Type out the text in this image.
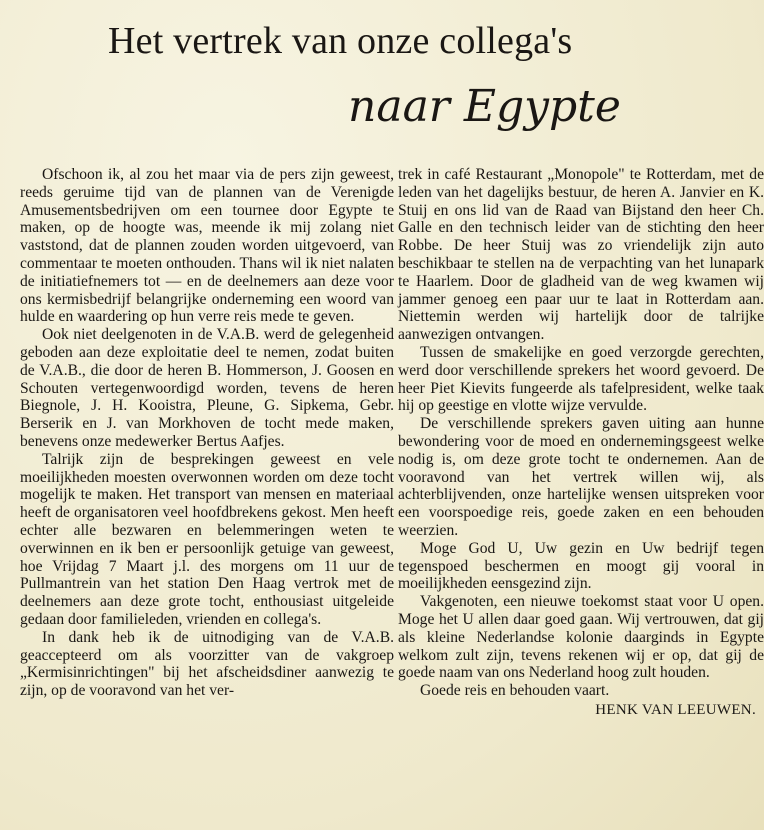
Het vertrek van onze collega's
naar Egypte

Ofschoon ik, al zou het maar via de pers zijn geweest, reeds geruime tijd van de plannen van de Verenigde Amusementsbedrijven om een tournee door Egypte te maken, op de hoogte was, meende ik mij zolang niet vaststond, dat de plannen zouden worden uitgevoerd, van commentaar te moeten onthouden. Thans wil ik niet nalaten de initiatiefnemers tot — en de deelnemers aan deze voor ons kermisbedrijf belangrijke onderneming een woord van hulde en waardering op hun verre reis mede te geven.

Ook niet deelgenoten in de V.A.B. werd de gelegenheid geboden aan deze exploitatie deel te nemen, zodat buiten de V.A.B., die door de heren B. Hommerson, J. Goosen en Schouten vertegenwoordigd worden, tevens de heren Biegnole, J. H. Kooistra, Pleune, G. Sipkema, Gebr. Berserik en J. van Morkhoven de tocht mede maken, benevens onze medewerker Bertus Aafjes.

Talrijk zijn de besprekingen geweest en vele moeilijkheden moesten overwonnen worden om deze tocht mogelijk te maken. Het transport van mensen en materiaal heeft de organisatoren veel hoofdbrekens gekost. Men heeft echter alle bezwaren en belemmeringen weten te overwinnen en ik ben er persoonlijk getuige van geweest, hoe Vrijdag 7 Maart j.l. des morgens om 11 uur de Pullmantrein van het station Den Haag vertrok met de deelnemers aan deze grote tocht, enthousiast uitgeleide gedaan door familieleden, vrienden en collega's.

In dank heb ik de uitnodiging van de V.A.B. geaccepteerd om als voorzitter van de vakgroep „Kermisinrichtingen" bij het afscheidsdiner aanwezig te zijn, op de vooravond van het ver-

trek in café Restaurant „Monopole" te Rotterdam, met de leden van het dagelijks bestuur, de heren A. Janvier en K. Stuij en ons lid van de Raad van Bijstand den heer Ch. Galle en den technisch leider van de stichting den heer Robbe. De heer Stuij was zo vriendelijk zijn auto beschikbaar te stellen na de verpachting van het lunapark te Haarlem. Door de gladheid van de weg kwamen wij jammer genoeg een paar uur te laat in Rotterdam aan. Niettemin werden wij hartelijk door de talrijke aanwezigen ontvangen.

Tussen de smakelijke en goed verzorgde gerechten, werd door verschillende sprekers het woord gevoerd. De heer Piet Kievits fungeerde als tafelpresident, welke taak hij op geestige en vlotte wijze vervulde.

De verschillende sprekers gaven uiting aan hunne bewondering voor de moed en ondernemingsgeest welke nodig is, om deze grote tocht te ondernemen. Aan de vooravond van het vertrek willen wij, als achterblijvenden, onze hartelijke wensen uitspreken voor een voorspoedige reis, goede zaken en een behouden weerzien.

Moge God U, Uw gezin en Uw bedrijf tegen tegenspoed beschermen en moogt gij vooral in moeilijkheden eensgezind zijn.

Vakgenoten, een nieuwe toekomst staat voor U open. Moge het U allen daar goed gaan. Wij vertrouwen, dat gij als kleine Nederlandse kolonie daarginds in Egypte welkom zult zijn, tevens rekenen wij er op, dat gij de goede naam van ons Nederland hoog zult houden.

Goede reis en behouden vaart.

HENK VAN LEEUWEN.
